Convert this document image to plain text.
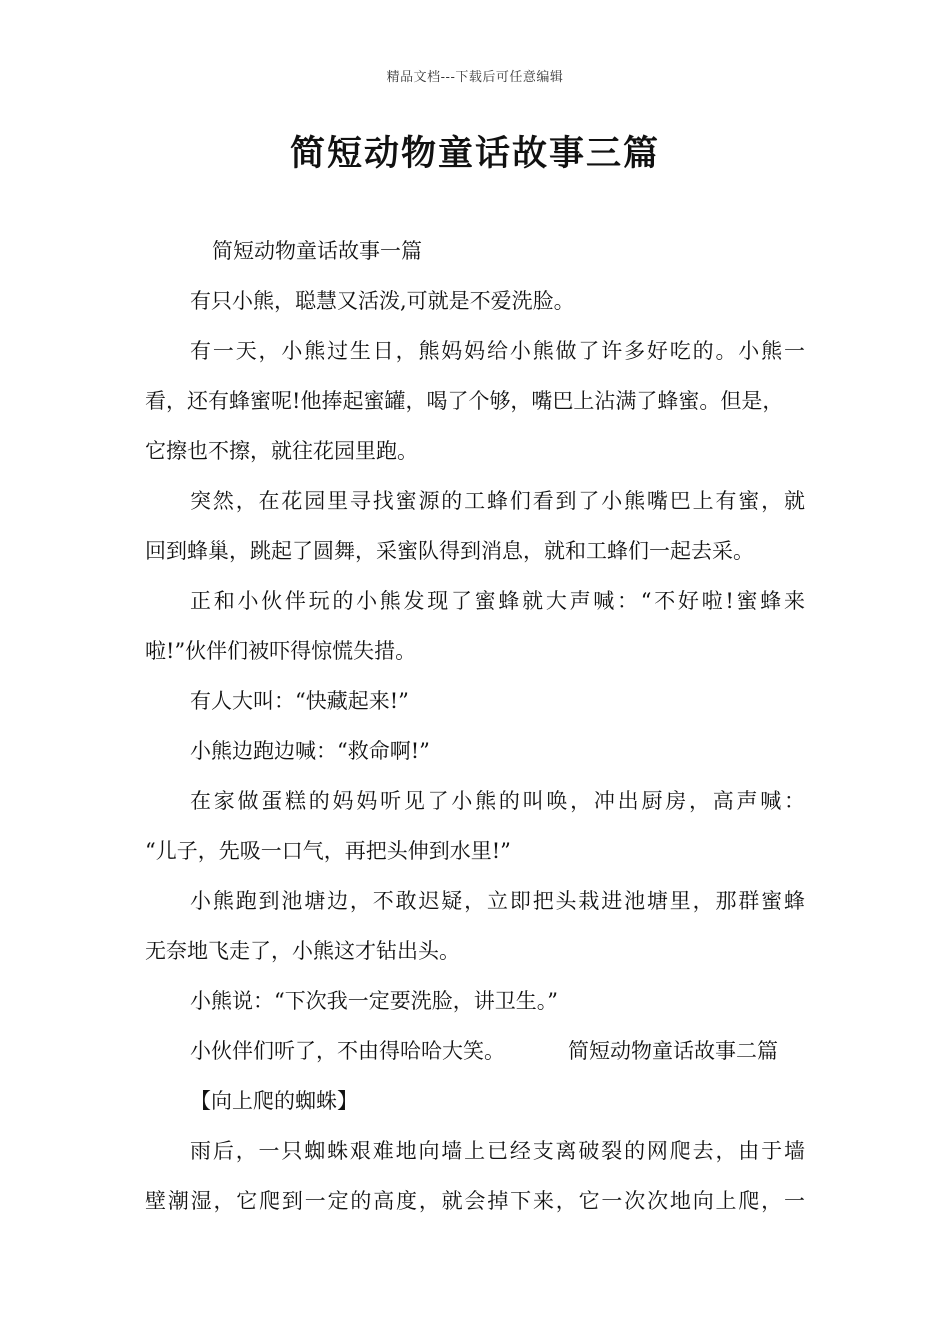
精品文档---下载后可任意编辑
简短动物童话故事三篇
简短动物童话故事一篇
有只小熊，聪慧又活泼,可就是不爱洗脸。
有一天，小熊过生日，熊妈妈给小熊做了许多好吃的。小熊一
看，还有蜂蜜呢!他捧起蜜罐，喝了个够，嘴巴上沾满了蜂蜜。但是，
它擦也不擦，就往花园里跑。
突然，在花园里寻找蜜源的工蜂们看到了小熊嘴巴上有蜜，就
回到蜂巢，跳起了圆舞，采蜜队得到消息，就和工蜂们一起去采。
正和小伙伴玩的小熊发现了蜜蜂就大声喊：“不好啦!蜜蜂来
啦!”伙伴们被吓得惊慌失措。
有人大叫：“快藏起来!”
小熊边跑边喊：“救命啊!”
在家做蛋糕的妈妈听见了小熊的叫唤，冲出厨房，高声喊：
“儿子，先吸一口气，再把头伸到水里!”
小熊跑到池塘边，不敢迟疑，立即把头栽进池塘里，那群蜜蜂
无奈地飞走了，小熊这才钻出头。
小熊说：“下次我一定要洗脸，讲卫生。”
小伙伴们听了，不由得哈哈大笑。	简短动物童话故事二篇
【向上爬的蜘蛛】
雨后，一只蜘蛛艰难地向墙上已经支离破裂的网爬去，由于墙
壁潮湿，它爬到一定的高度，就会掉下来，它一次次地向上爬，一
